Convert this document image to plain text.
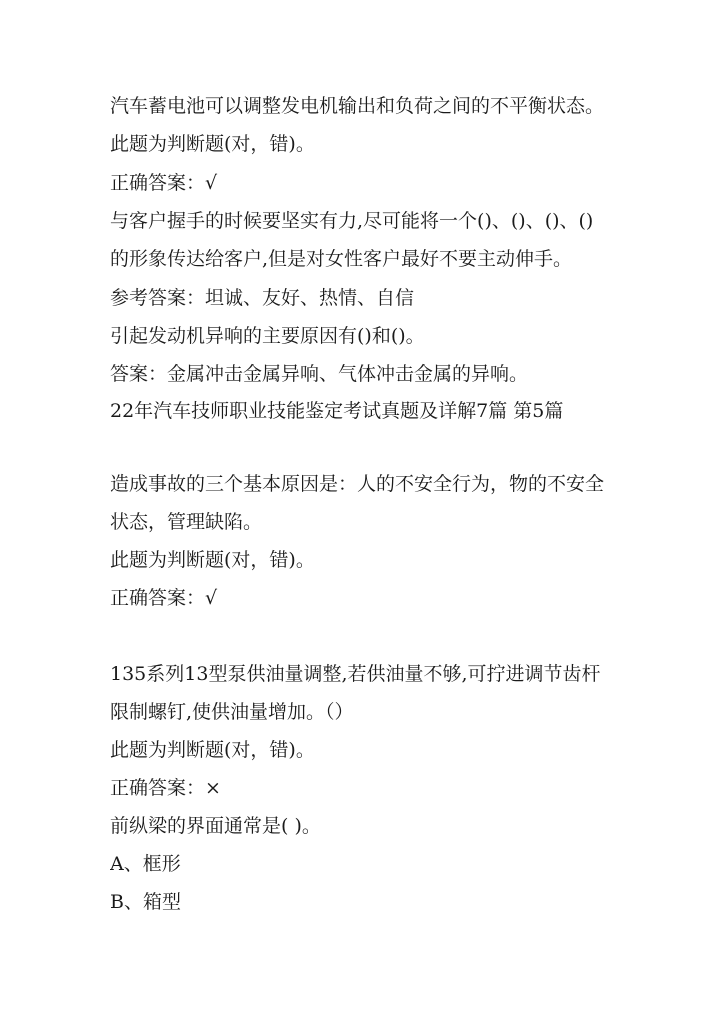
汽车蓄电池可以调整发电机输出和负荷之间的不平衡状态。
此题为判断题(对，错)。
正确答案：√
与客户握手的时候要坚实有力,尽可能将一个()、()、()、()
的形象传达给客户,但是对女性客户最好不要主动伸手。
参考答案：坦诚、友好、热情、自信
引起发动机异响的主要原因有()和()。
答案：金属冲击金属异响、气体冲击金属的异响。
22年汽车技师职业技能鉴定考试真题及详解7篇 第5篇
造成事故的三个基本原因是：人的不安全行为，物的不安全
状态，管理缺陷。
此题为判断题(对，错)。
正确答案：√
135系列13型泵供油量调整,若供油量不够,可拧进调节齿杆
限制螺钉,使供油量增加。（）
此题为判断题(对，错)。
正确答案：×
前纵梁的界面通常是( )。
A、框形
B、箱型
